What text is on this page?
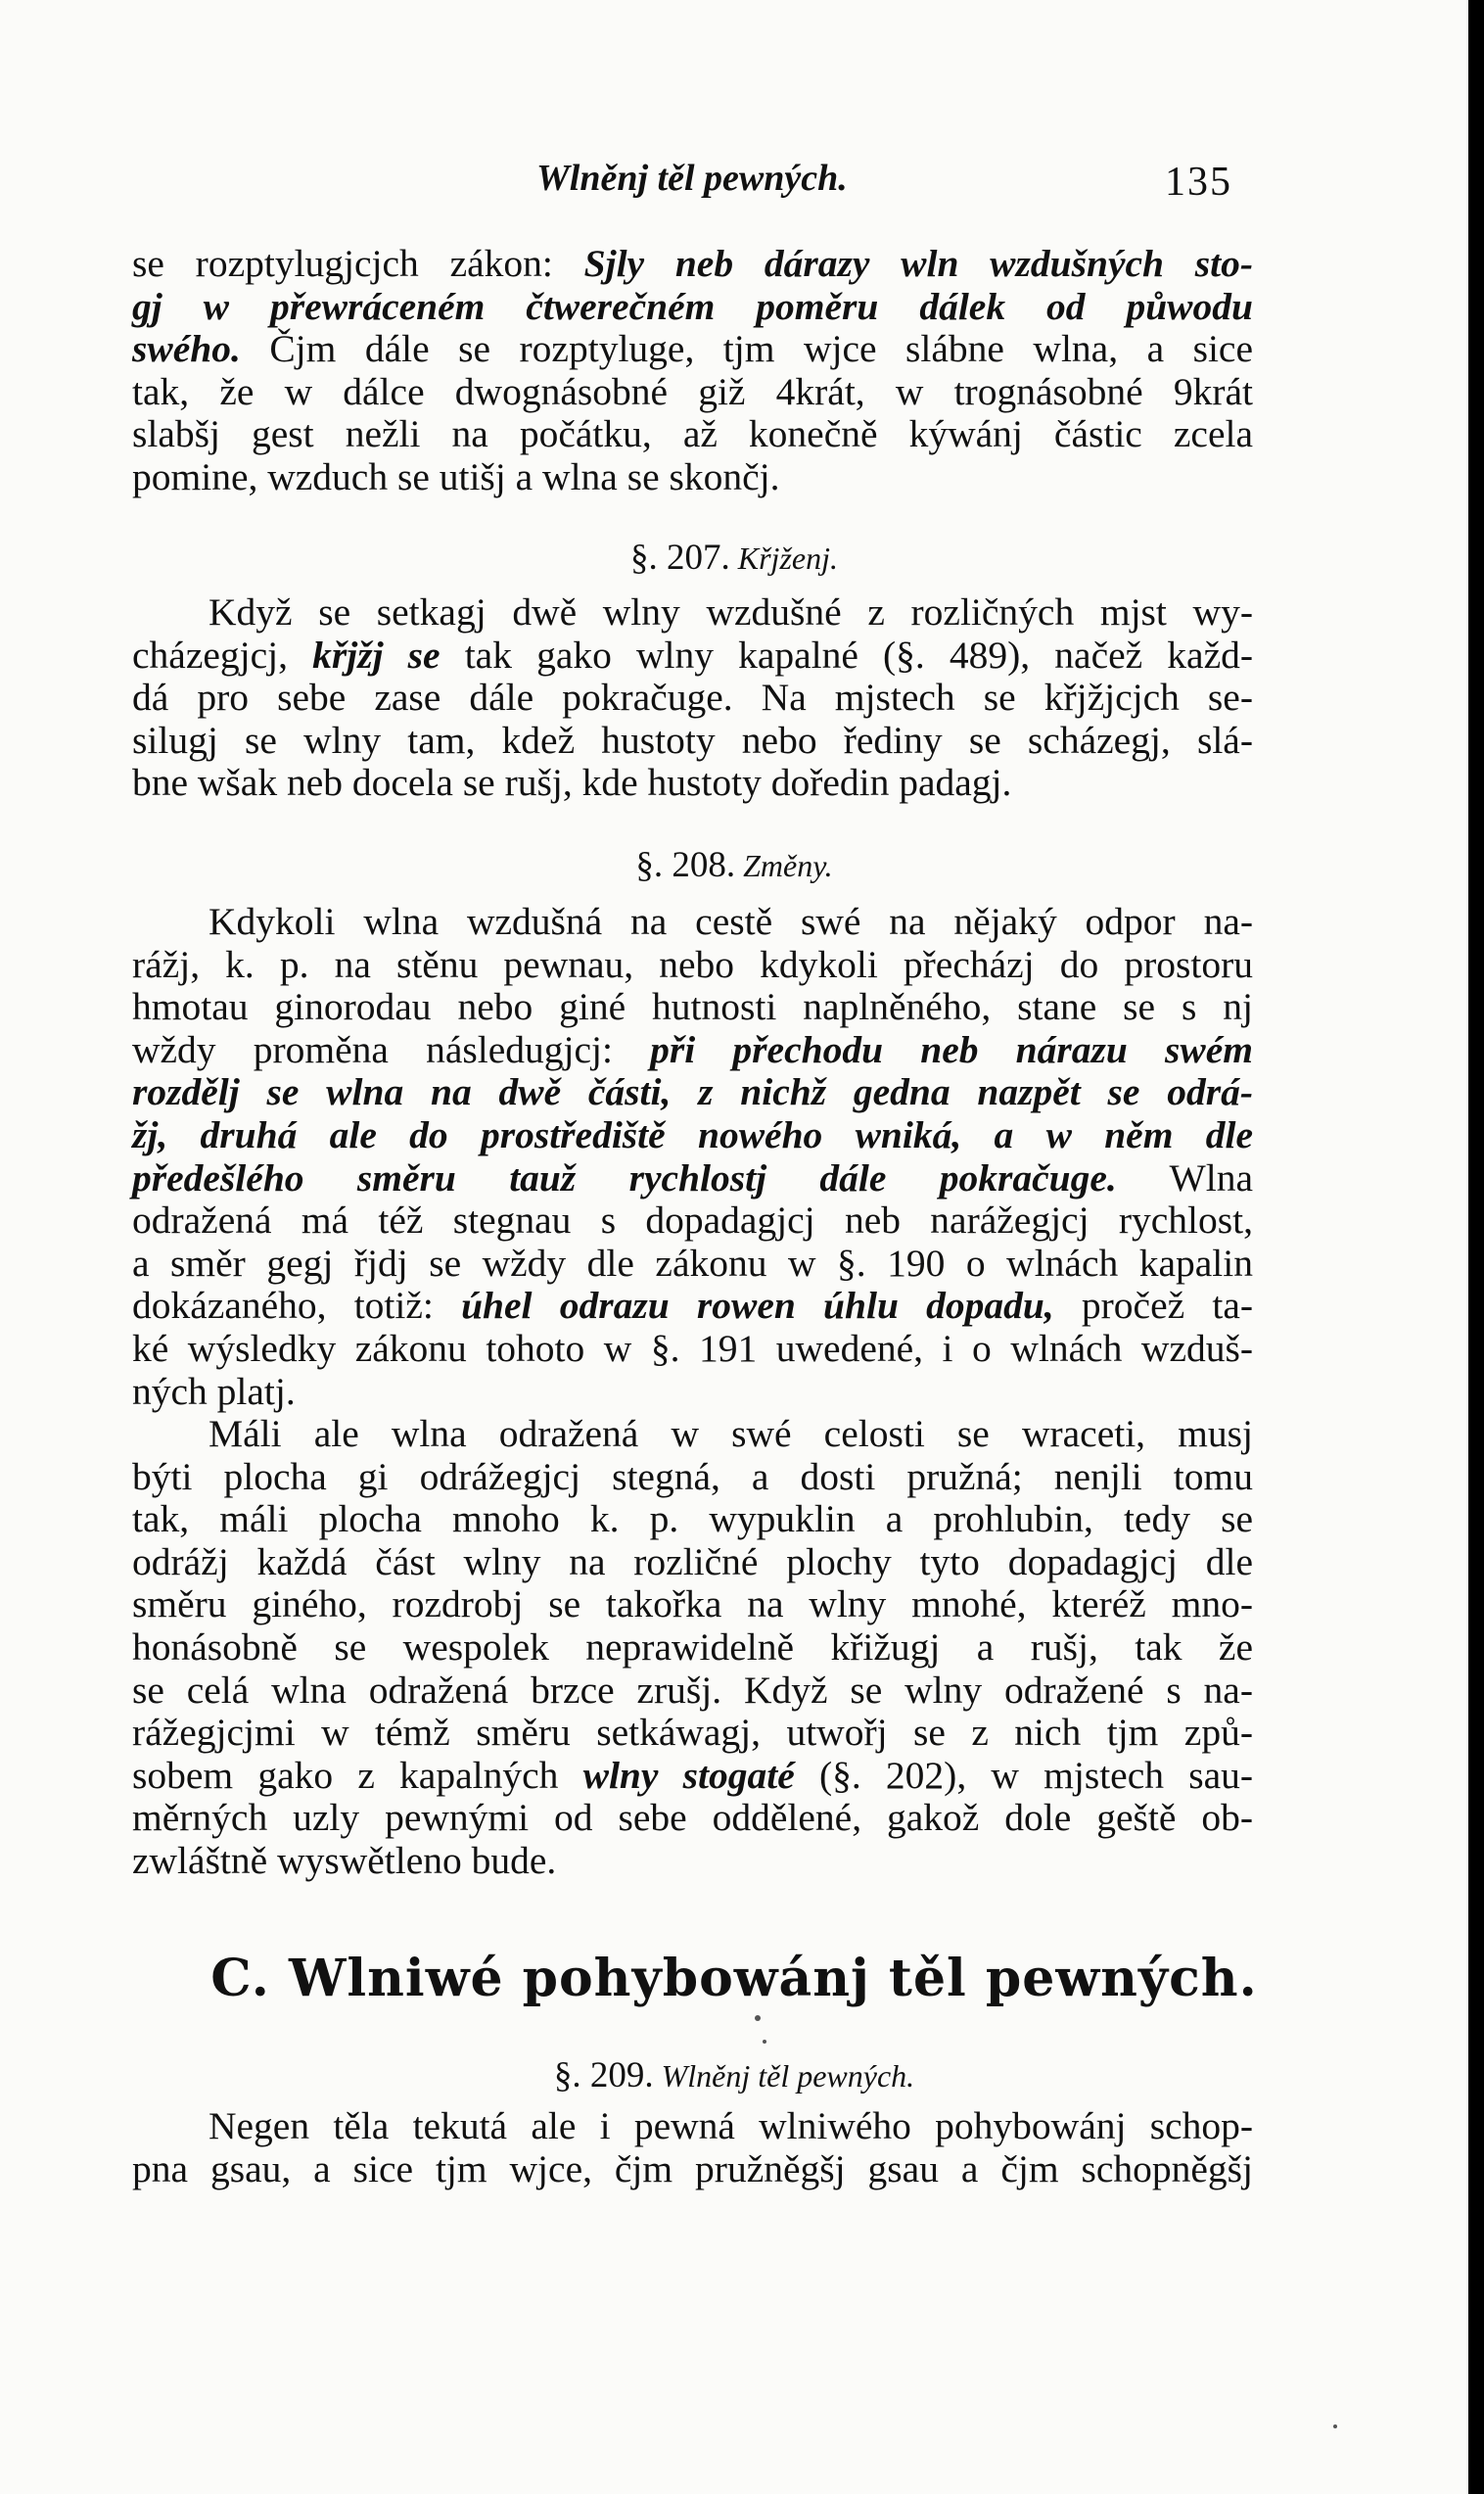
Wlněnj těl pewných.	135
se rozptylugjcjch zákon: Sjly neb dárazy wln wzdušných sto-
gj w přewráceném čtwerečném poměru dálek od půwodu
swého. Čjm dále se rozptyluge, tjm wjce slábne wlna, a sice
tak, že w dálce dwognásobné giž 4krát, w trognásobné 9krát
slabšj gest nežli na počátku, až konečně kýwánj částic zcela
pomine, wzduch se utišj a wlna se skončj.
§. 207. Křjženj.
Když se setkagj dwě wlny wzdušné z rozličných mjst wy-
cházegjcj, křjžj se tak gako wlny kapalné (§. 489), načež každ-
dá pro sebe zase dále pokračuge. Na mjstech se křjžjcjch se-
silugj se wlny tam, kdež hustoty nebo řediny se scházegj, slá-
bne wšak neb docela se rušj, kde hustoty doředin padagj.
§. 208. Změny.
Kdykoli wlna wzdušná na cestě swé na nějaký odpor na-
rážj, k. p. na stěnu pewnau, nebo kdykoli přecházj do prostoru
hmotau ginorodau nebo giné hutnosti naplněného, stane se s nj
wždy proměna následugjcj: při přechodu neb nárazu swém
rozdělj se wlna na dwě části, z nichž gedna nazpět se odrá-
žj, druhá ale do prostřediště nowého wniká, a w něm dle
předešlého směru tauž rychlostj dále pokračuge. Wlna
odražená má též stegnau s dopadagjcj neb narážegjcj rychlost,
a směr gegj řjdj se wždy dle zákonu w §. 190 o wlnách kapalin
dokázaného, totiž: úhel odrazu rowen úhlu dopadu, pročež ta-
ké wýsledky zákonu tohoto w §. 191 uwedené, i o wlnách wzduš-
ných platj.
Máli ale wlna odražená w swé celosti se wraceti, musj
býti plocha gi odrážegjcj stegná, a dosti pružná; nenjli tomu
tak, máli plocha mnoho k. p. wypuklin a prohlubin, tedy se
odrážj každá část wlny na rozličné plochy tyto dopadagjcj dle
směru giného, rozdrobj se takořka na wlny mnohé, kteréž mno-
honásobně se wespolek neprawidelně křižugj a rušj, tak že
se celá wlna odražená brzce zrušj. Když se wlny odražené s na-
rážegjcjmi w témž směru setkáwagj, utwořj se z nich tjm způ-
sobem gako z kapalných wlny stogaté (§. 202), w mjstech sau-
měrných uzly pewnými od sebe oddělené, gakož dole geště ob-
zwláštně wyswětleno bude.
C. Wlniwé pohybowánj těl pewných.
§. 209. Wlněnj těl pewných.
Negen těla tekutá ale i pewná wlniwého pohybowánj schop-
pna gsau, a sice tjm wjce, čjm pružněgšj gsau a čjm schopněgšj
